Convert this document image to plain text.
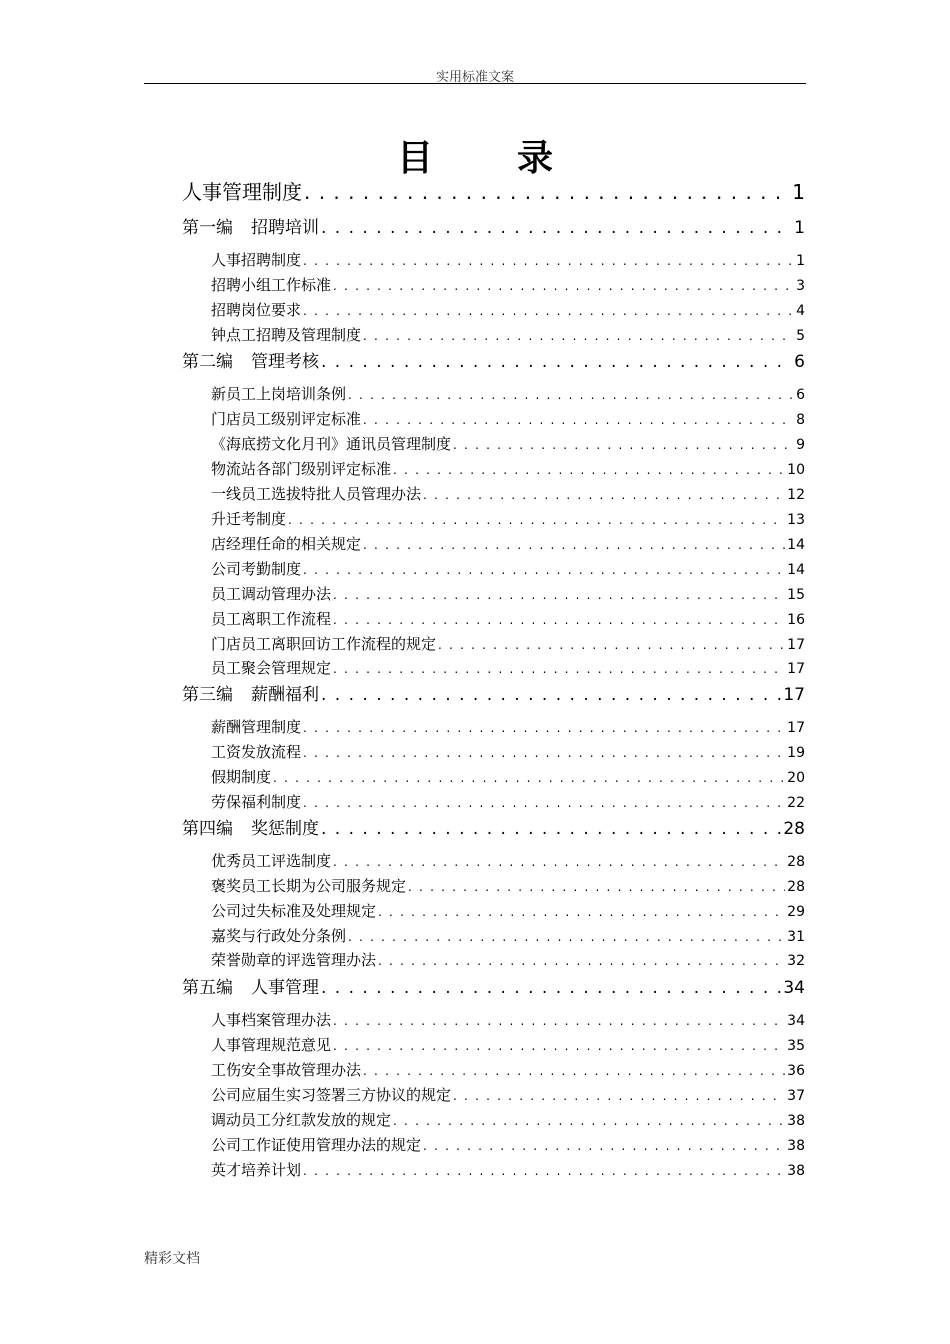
实用标准文案
目 录
人事管理制度 . . .	1
第一编 招聘培训 . . .	1
人事招聘制度 . . .	1
招聘小组工作标准 . . .	3
招聘岗位要求 . . .	4
钟点工招聘及管理制度 . . .	5
第二编 管理考核 . . .	6
新员工上岗培训条例 . . .	6
门店员工级别评定标准 . . .	8
《海底捞文化月刊》通讯员管理制度 . . .	9
物流站各部门级别评定标准 . . .	10
一线员工选拔特批人员管理办法 . . .	12
升迁考制度 . . .	13
店经理任命的相关规定 . . .	14
公司考勤制度 . . .	14
员工调动管理办法 . . .	15
员工离职工作流程 . . .	16
门店员工离职回访工作流程的规定 . . .	17
员工聚会管理规定 . . .	17
第三编 薪酬福利 . . .	17
薪酬管理制度 . . .	17
工资发放流程 . . .	19
假期制度 . . .	20
劳保福利制度 . . .	22
第四编 奖惩制度 . . .	28
优秀员工评选制度 . . .	28
褒奖员工长期为公司服务规定 . . .	28
公司过失标准及处理规定 . . .	29
嘉奖与行政处分条例 . . .	31
荣誉勋章的评选管理办法 . . .	32
第五编 人事管理 . . .	34
人事档案管理办法 . . .	34
人事管理规范意见 . . .	35
工伤安全事故管理办法 . . .	36
公司应届生实习签署三方协议的规定 . . .	37
调动员工分红款发放的规定 . . .	38
公司工作证使用管理办法的规定 . . .	38
英才培养计划 . . .	38
精彩文档
